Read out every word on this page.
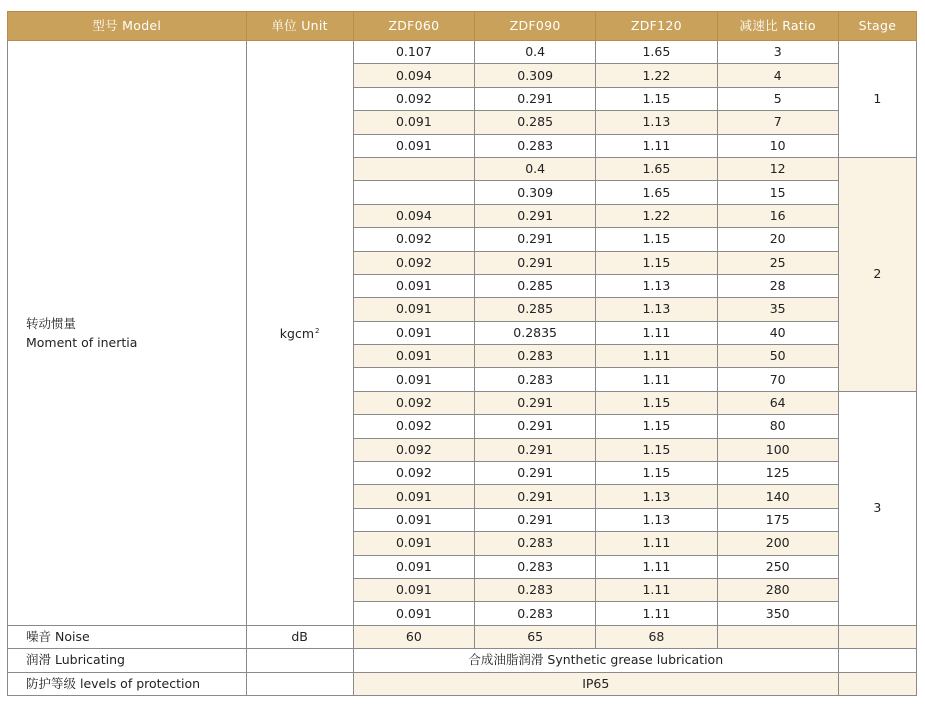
型号 Model	单位 Unit	ZDF060	ZDF090	ZDF120	减速比 Ratio	Stage
转动惯量
Moment of inertia	kgcm$^2$	0.107	0.4	1.65	3	1
		0.094	0.309	1.22	4	
		0.092	0.291	1.15	5	
		0.091	0.285	1.13	7	
		0.091	0.283	1.11	10	
			0.4	1.65	12	2
			0.309	1.65	15	
		0.094	0.291	1.22	16	
		0.092	0.291	1.15	20	
		0.092	0.291	1.15	25	
		0.091	0.285	1.13	28	
		0.091	0.285	1.13	35	
		0.091	0.2835	1.11	40	
		0.091	0.283	1.11	50	
		0.091	0.283	1.11	70	
		0.092	0.291	1.15	64	3
		0.092	0.291	1.15	80	
		0.092	0.291	1.15	100	
		0.092	0.291	1.15	125	
		0.091	0.291	1.13	140	
		0.091	0.291	1.13	175	
		0.091	0.283	1.11	200	
		0.091	0.283	1.11	250	
		0.091	0.283	1.11	280	
		0.091	0.283	1.11	350	
噪音 Noise	dB	60	65	68		
润滑 Lubricating		合成油脂润滑 Synthetic grease lubrication				
防护等级 levels of protection		IP65				
